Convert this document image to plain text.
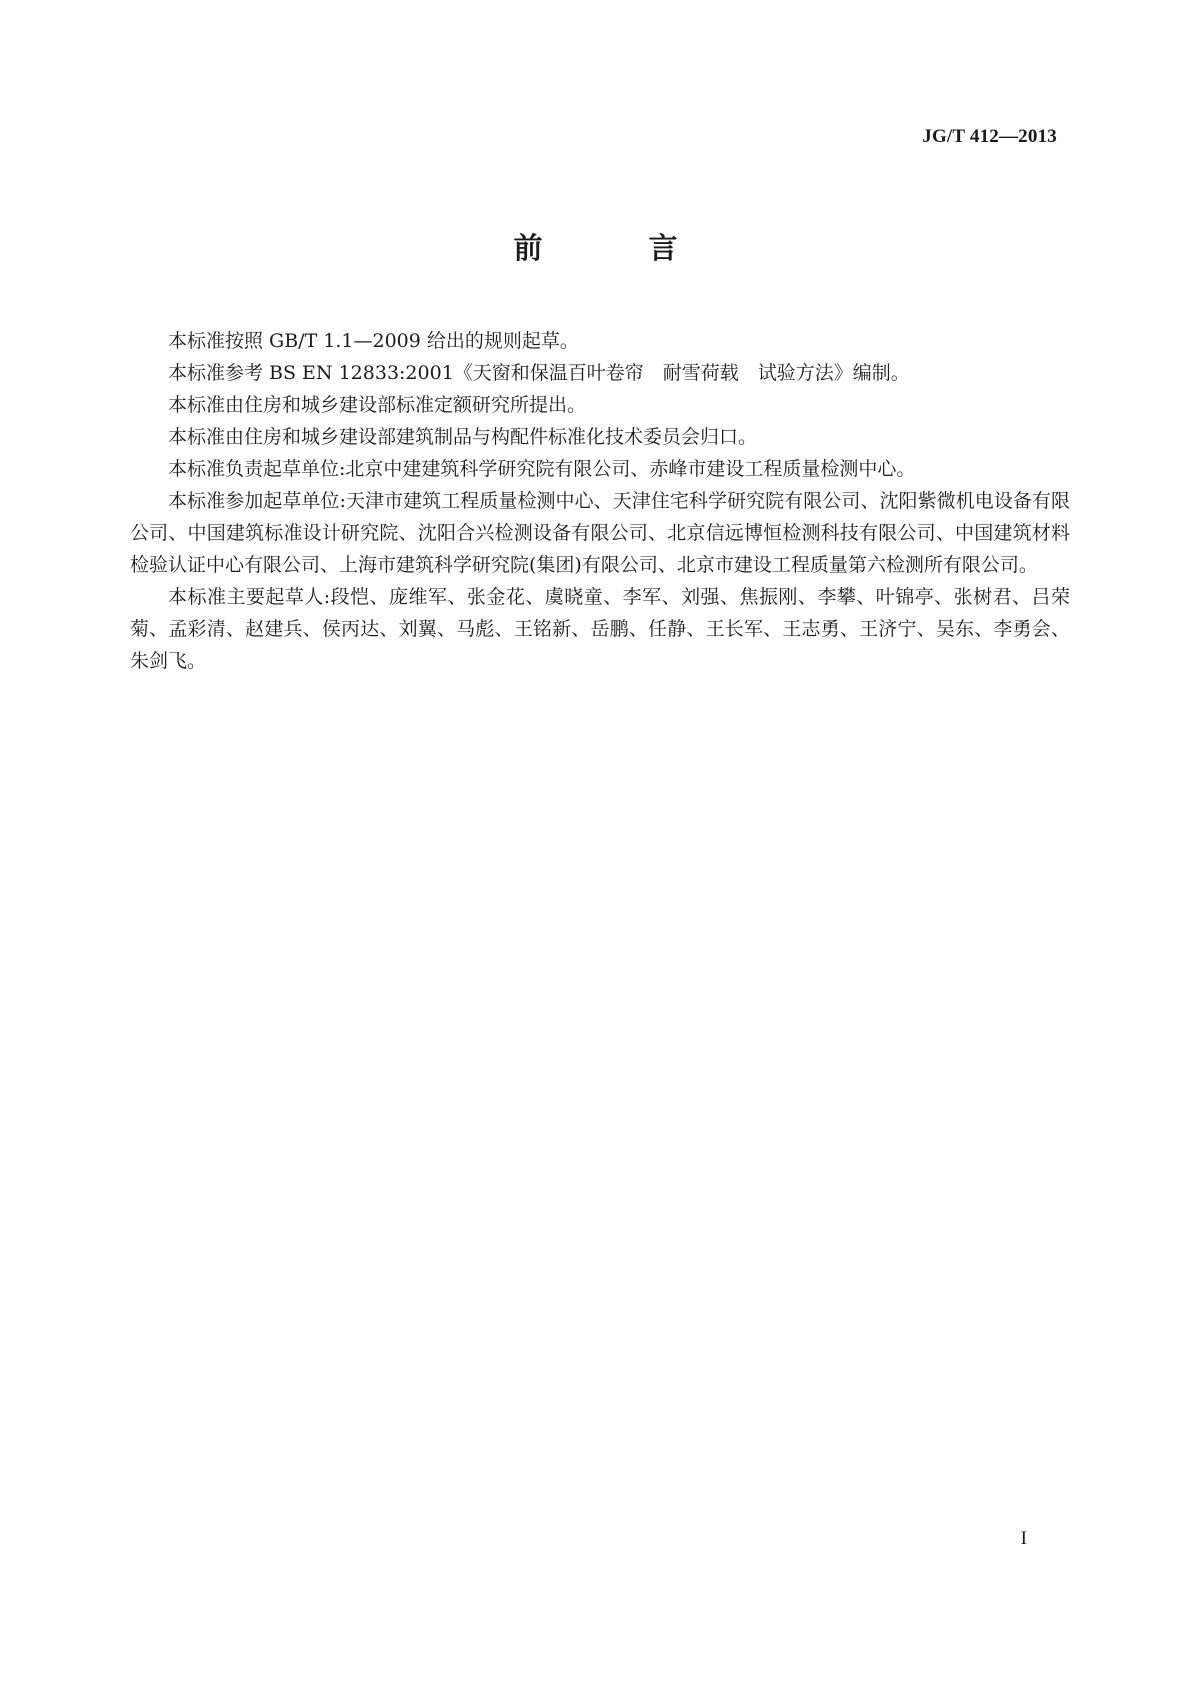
JG/T 412—2013
前 言

本标准按照 GB/T 1.1—2009 给出的规则起草。

本标准参考 BS EN 12833:2001《天窗和保温百叶卷帘　耐雪荷载　试验方法》编制。

本标准由住房和城乡建设部标准定额研究所提出。

本标准由住房和城乡建设部建筑制品与构配件标准化技术委员会归口。

本标准负责起草单位:北京中建建筑科学研究院有限公司、赤峰市建设工程质量检测中心。

本标准参加起草单位:天津市建筑工程质量检测中心、天津住宅科学研究院有限公司、沈阳紫微机电设备有限公司、中国建筑标准设计研究院、沈阳合兴检测设备有限公司、北京信远博恒检测科技有限公司、中国建筑材料检验认证中心有限公司、上海市建筑科学研究院(集团)有限公司、北京市建设工程质量第六检测所有限公司。

本标准主要起草人:段恺、庞维军、张金花、虞晓童、李军、刘强、焦振刚、李攀、叶锦亭、张树君、吕荣菊、孟彩清、赵建兵、侯丙达、刘翼、马彪、王铭新、岳鹏、任静、王长军、王志勇、王济宁、吴东、李勇会、朱剑飞。

I
